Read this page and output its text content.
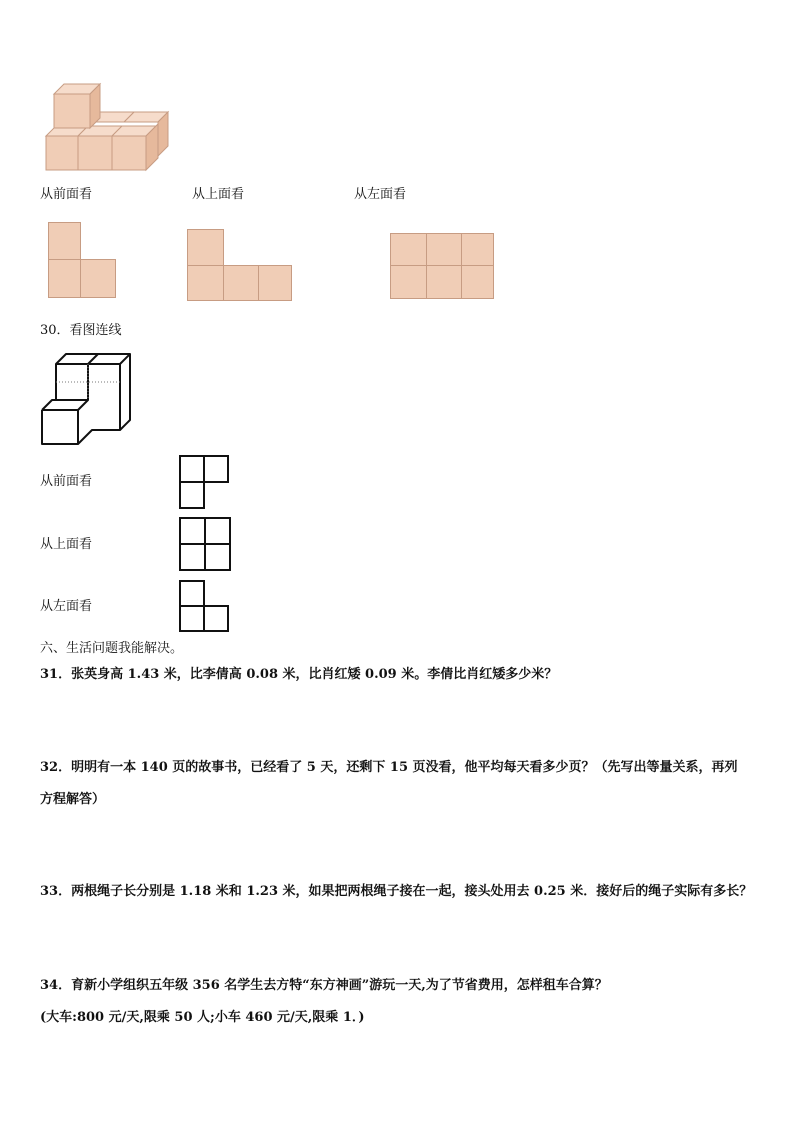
从前面看	从上面看	从左面看
30．看图连线
从前面看
从上面看
从左面看
六、生活问题我能解决。
31．张英身高 1.43 米，比李倩高 0.08 米，比肖红矮 0.09 米。李倩比肖红矮多少米？
32．明明有一本 140 页的故事书，已经看了 5 天，还剩下 15 页没看，他平均每天看多少页？（先写出等量关系，再列
方程解答）
33．两根绳子长分别是 1.18 米和 1.23 米，如果把两根绳子接在一起，接头处用去 0.25 米．接好后的绳子实际有多长？
34．育新小学组织五年级 356 名学生去方特“东方神画”游玩一天,为了节省费用，怎样租车合算？
(大车:800 元/天,限乘 50 人;小车 460 元/天,限乘 1．)
